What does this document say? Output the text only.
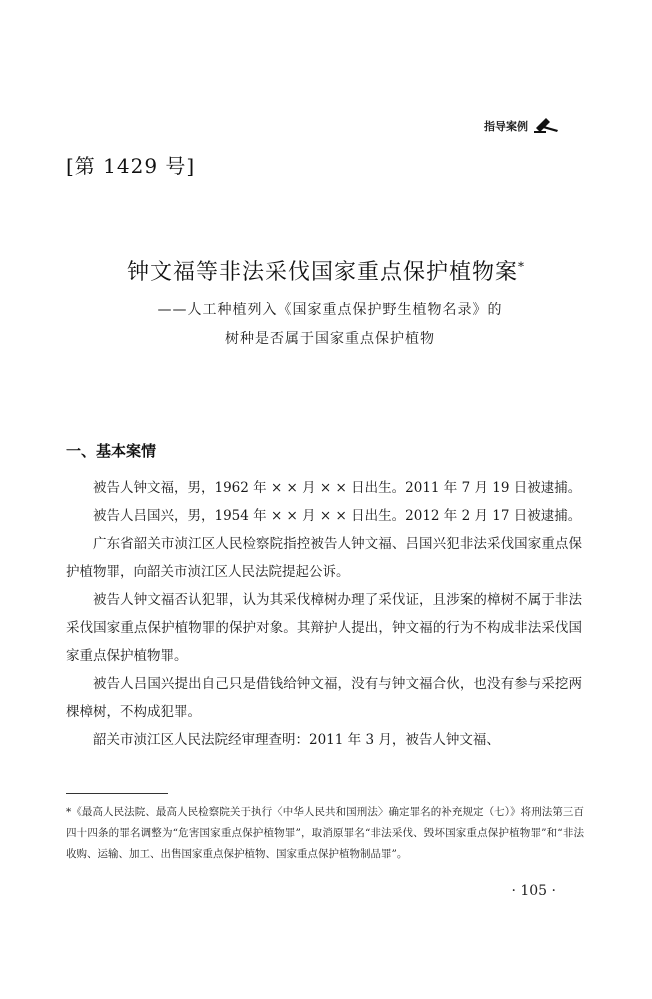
指导案例
[第 1429 号]
钟文福等非法采伐国家重点保护植物案*
——人工种植列入《国家重点保护野生植物名录》的
树种是否属于国家重点保护植物
一、基本案情

被告人钟文福，男，1962 年 × × 月 × × 日出生。2011 年 7 月 19 日被逮捕。

被告人吕国兴，男，1954 年 × × 月 × × 日出生。2012 年 2 月 17 日被逮捕。

广东省韶关市浈江区人民检察院指控被告人钟文福、吕国兴犯非法采伐国家重点保护植物罪，向韶关市浈江区人民法院提起公诉。

被告人钟文福否认犯罪，认为其采伐樟树办理了采伐证，且涉案的樟树不属于非法采伐国家重点保护植物罪的保护对象。其辩护人提出，钟文福的行为不构成非法采伐国家重点保护植物罪。

被告人吕国兴提出自己只是借钱给钟文福，没有与钟文福合伙，也没有参与采挖两棵樟树，不构成犯罪。

韶关市浈江区人民法院经审理查明：2011 年 3 月，被告人钟文福、

*《最高人民法院、最高人民检察院关于执行〈中华人民共和国刑法〉确定罪名的补充规定（七）》将刑法第三百四十四条的罪名调整为“危害国家重点保护植物罪”，取消原罪名“非法采伐、毁坏国家重点保护植物罪”和“非法收购、运输、加工、出售国家重点保护植物、国家重点保护植物制品罪”。
· 105 ·
